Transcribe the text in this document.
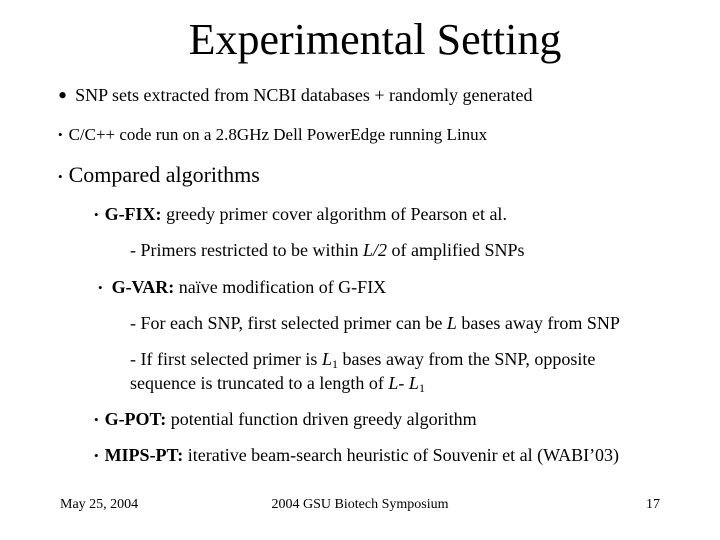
Experimental Setting
• SNP sets extracted from NCBI databases + randomly generated
• C/C++ code run on a 2.8GHz Dell PowerEdge running Linux
• Compared algorithms
• G-FIX: greedy primer cover algorithm of Pearson et al.
- Primers restricted to be within L/2 of amplified SNPs
• G-VAR: naïve modification of G-FIX
- For each SNP, first selected primer can be L bases away from SNP
- If first selected primer is $L_1$ bases away from the SNP, opposite
sequence is truncated to a length of L- $L_1$
• G-POT: potential function driven greedy algorithm
• MIPS-PT: iterative beam-search heuristic of Souvenir et al (WABI’03)
May 25, 2004	2004 GSU Biotech Symposium	17
